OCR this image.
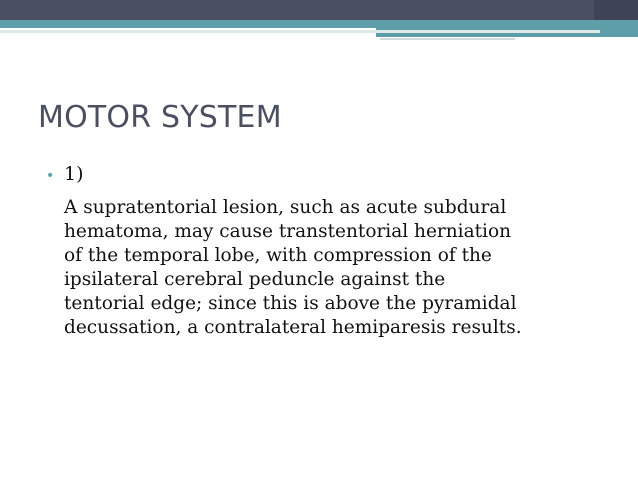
MOTOR SYSTEM
• 1)

A supratentorial lesion, such as acute subdural
hematoma, may cause transtentorial herniation
of the temporal lobe, with compression of the
ipsilateral cerebral peduncle against the
tentorial edge; since this is above the pyramidal
decussation, a contralateral hemiparesis results.
